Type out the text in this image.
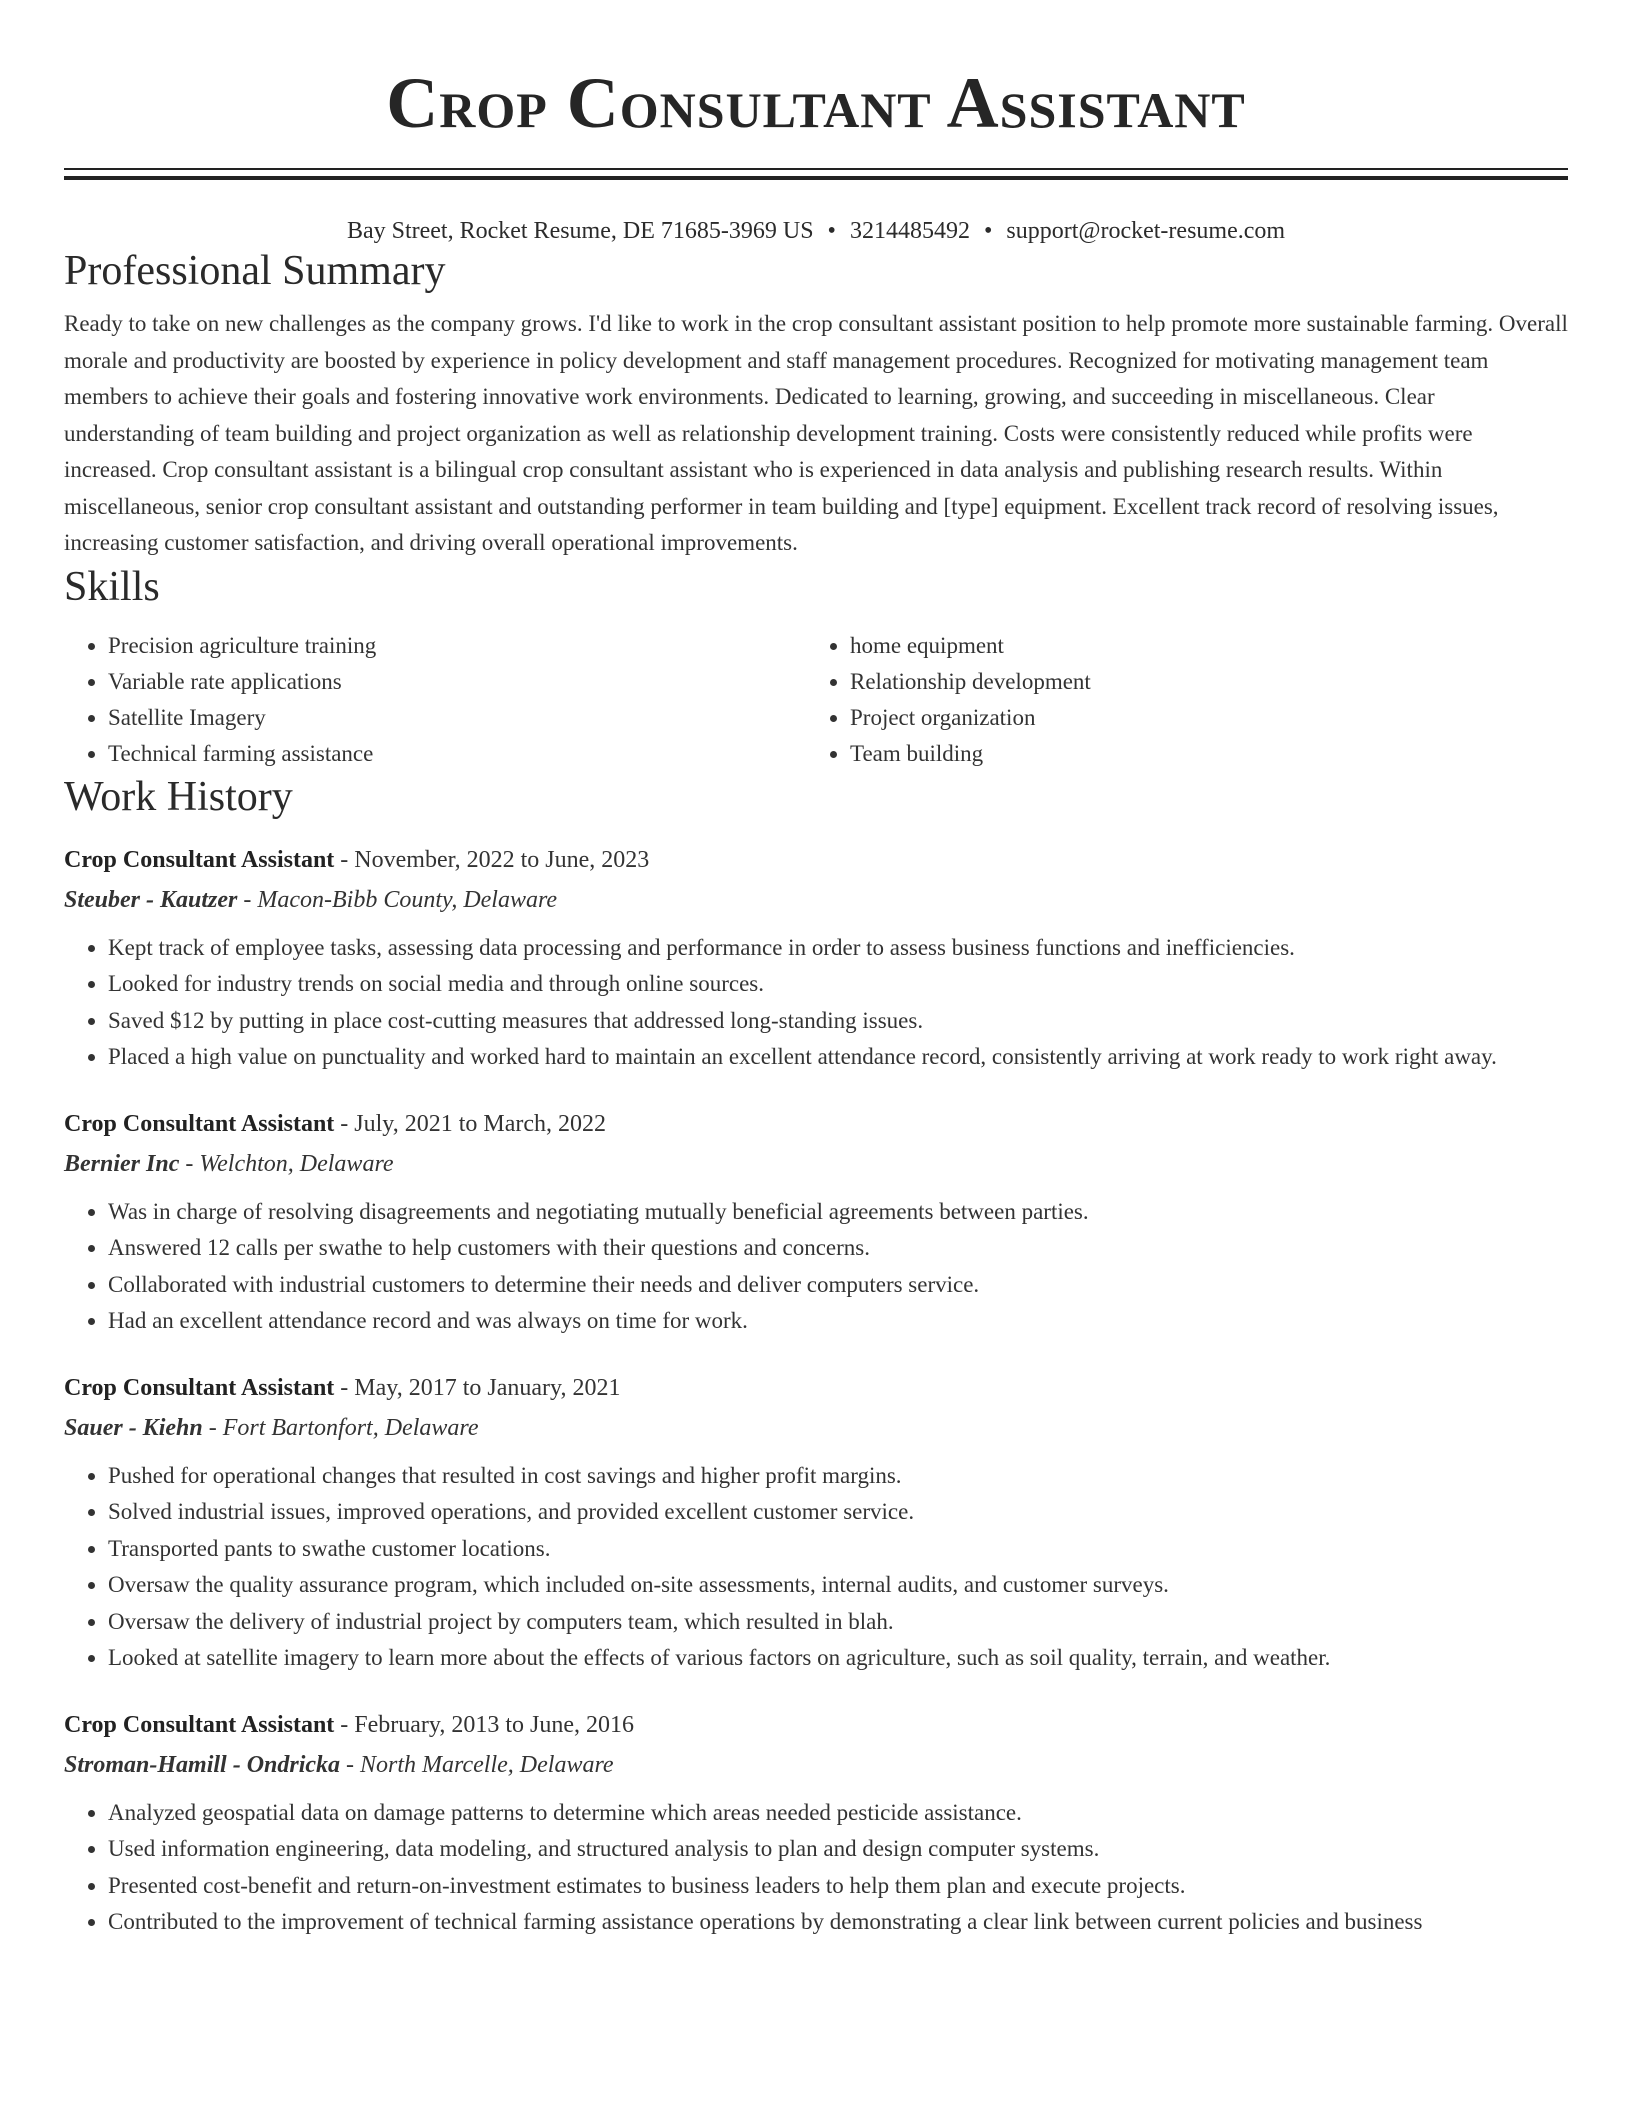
Crop Consultant Assistant
Bay Street, Rocket Resume, DE 71685-3969 US • 3214485492 • support@rocket-resume.com
Professional Summary
Ready to take on new challenges as the company grows. I'd like to work in the crop consultant assistant position to help promote more sustainable farming. Overall morale and productivity are boosted by experience in policy development and staff management procedures. Recognized for motivating management team members to achieve their goals and fostering innovative work environments. Dedicated to learning, growing, and succeeding in miscellaneous. Clear understanding of team building and project organization as well as relationship development training. Costs were consistently reduced while profits were increased. Crop consultant assistant is a bilingual crop consultant assistant who is experienced in data analysis and publishing research results. Within miscellaneous, senior crop consultant assistant and outstanding performer in team building and [type] equipment. Excellent track record of resolving issues, increasing customer satisfaction, and driving overall operational improvements.
Skills
• Precision agriculture training
• Variable rate applications
• Satellite Imagery
• Technical farming assistance
• home equipment
• Relationship development
• Project organization
• Team building
Work History
Crop Consultant Assistant - November, 2022 to June, 2023
Steuber - Kautzer - Macon-Bibb County, Delaware
• Kept track of employee tasks, assessing data processing and performance in order to assess business functions and inefficiencies.
• Looked for industry trends on social media and through online sources.
• Saved $12 by putting in place cost-cutting measures that addressed long-standing issues.
• Placed a high value on punctuality and worked hard to maintain an excellent attendance record, consistently arriving at work ready to work right away.
Crop Consultant Assistant - July, 2021 to March, 2022
Bernier Inc - Welchton, Delaware
• Was in charge of resolving disagreements and negotiating mutually beneficial agreements between parties.
• Answered 12 calls per swathe to help customers with their questions and concerns.
• Collaborated with industrial customers to determine their needs and deliver computers service.
• Had an excellent attendance record and was always on time for work.
Crop Consultant Assistant - May, 2017 to January, 2021
Sauer - Kiehn - Fort Bartonfort, Delaware
• Pushed for operational changes that resulted in cost savings and higher profit margins.
• Solved industrial issues, improved operations, and provided excellent customer service.
• Transported pants to swathe customer locations.
• Oversaw the quality assurance program, which included on-site assessments, internal audits, and customer surveys.
• Oversaw the delivery of industrial project by computers team, which resulted in blah.
• Looked at satellite imagery to learn more about the effects of various factors on agriculture, such as soil quality, terrain, and weather.
Crop Consultant Assistant - February, 2013 to June, 2016
Stroman-Hamill - Ondricka - North Marcelle, Delaware
• Analyzed geospatial data on damage patterns to determine which areas needed pesticide assistance.
• Used information engineering, data modeling, and structured analysis to plan and design computer systems.
• Presented cost-benefit and return-on-investment estimates to business leaders to help them plan and execute projects.
• Contributed to the improvement of technical farming assistance operations by demonstrating a clear link between current policies and business
